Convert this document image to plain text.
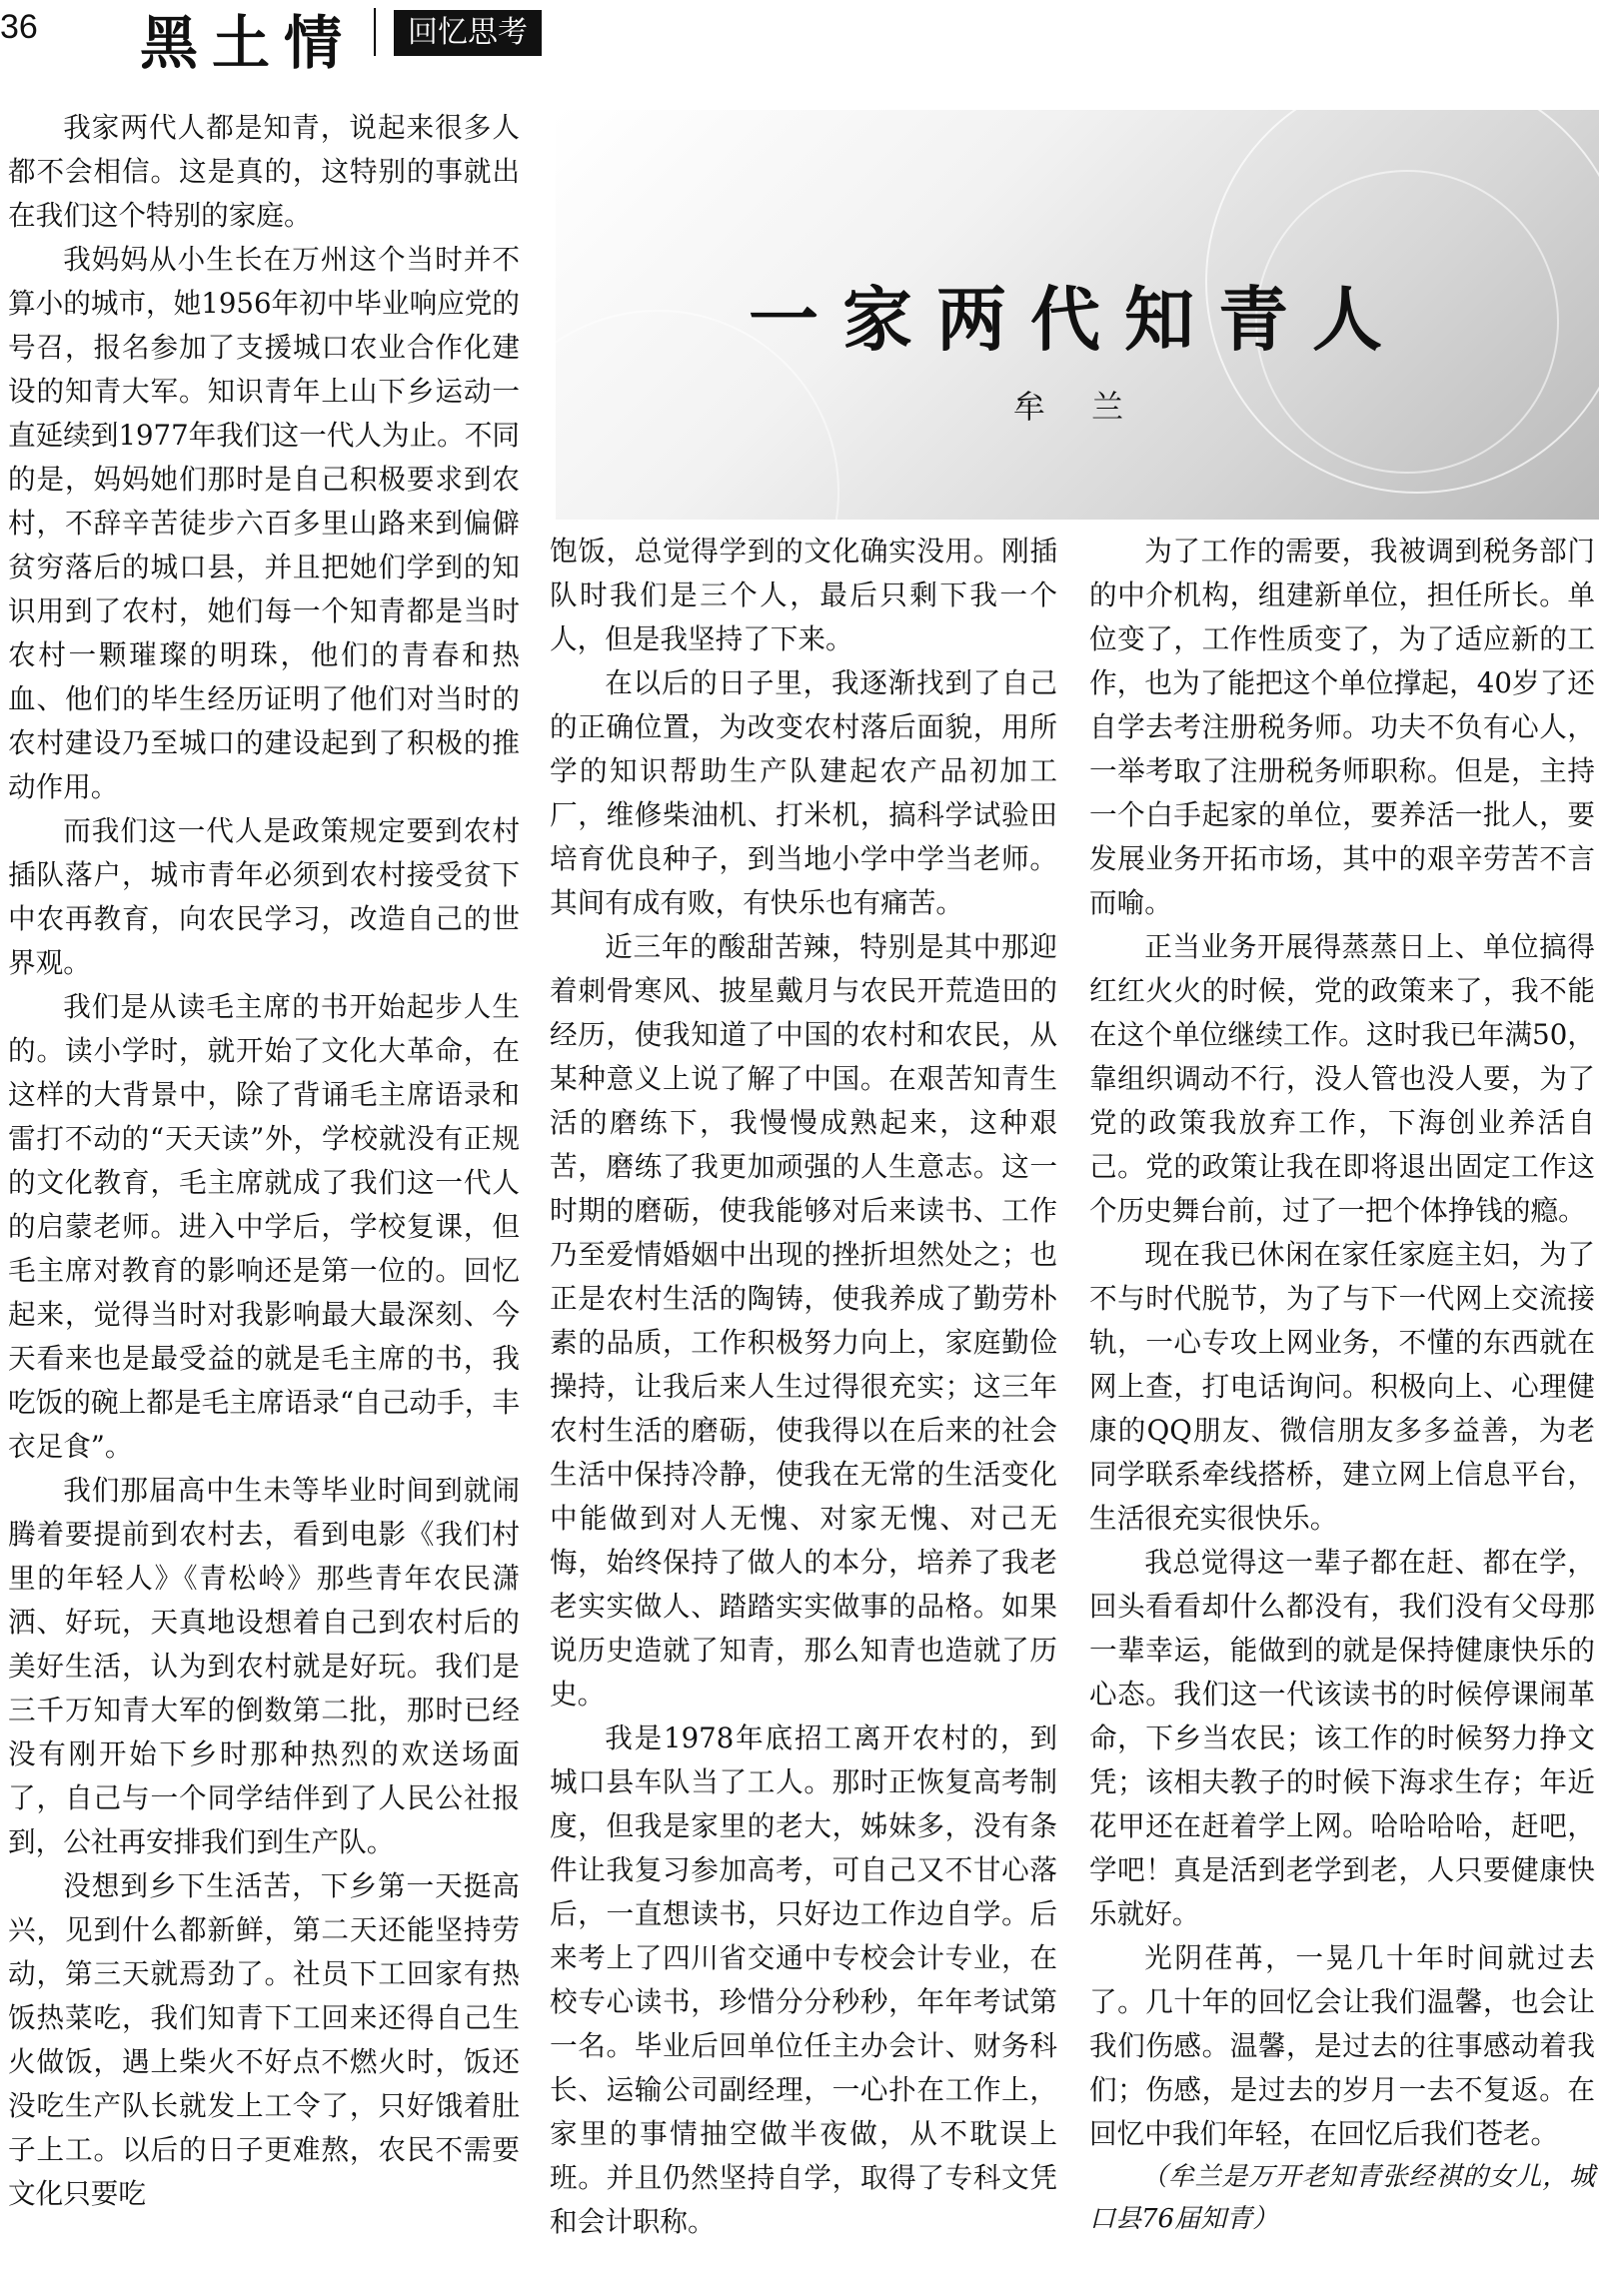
36 黑土情	回忆思考

我家两代人都是知青，说起来很多人都不会相信。这是真的，这特别的事就出在我们这个特别的家庭。

我妈妈从小生长在万州这个当时并不算小的城市，她1956年初中毕业响应党的号召，报名参加了支援城口农业合作化建设的知青大军。知识青年上山下乡运动一直延续到1977年我们这一代人为止。不同的是，妈妈她们那时是自己积极要求到农村，不辞辛苦徒步六百多里山路来到偏僻贫穷落后的城口县，并且把她们学到的知识用到了农村，她们每一个知青都是当时农村一颗璀璨的明珠，他们的青春和热血、他们的毕生经历证明了他们对当时的农村建设乃至城口的建设起到了积极的推动作用。

而我们这一代人是政策规定要到农村插队落户，城市青年必须到农村接受贫下中农再教育，向农民学习，改造自己的世界观。

我们是从读毛主席的书开始起步人生的。读小学时，就开始了文化大革命，在这样的大背景中，除了背诵毛主席语录和雷打不动的“天天读”外，学校就没有正规的文化教育，毛主席就成了我们这一代人的启蒙老师。进入中学后，学校复课，但毛主席对教育的影响还是第一位的。回忆起来，觉得当时对我影响最大最深刻、今天看来也是最受益的就是毛主席的书，我吃饭的碗上都是毛主席语录“自己动手，丰衣足食”。

我们那届高中生未等毕业时间到就闹腾着要提前到农村去，看到电影《我们村里的年轻人》《青松岭》那些青年农民潇洒、好玩，天真地设想着自己到农村后的美好生活，认为到农村就是好玩。我们是三千万知青大军的倒数第二批，那时已经没有刚开始下乡时那种热烈的欢送场面了，自己与一个同学结伴到了人民公社报到，公社再安排我们到生产队。

没想到乡下生活苦，下乡第一天挺高兴，见到什么都新鲜，第二天还能坚持劳动，第三天就焉劲了。社员下工回家有热饭热菜吃，我们知青下工回来还得自己生火做饭，遇上柴火不好点不燃火时，饭还没吃生产队长就发上工令了，只好饿着肚子上工。以后的日子更难熬，农民不需要文化只要吃

一家两代知青人
牟 兰

饱饭，总觉得学到的文化确实没用。刚插队时我们是三个人，最后只剩下我一个人，但是我坚持了下来。

在以后的日子里，我逐渐找到了自己的正确位置，为改变农村落后面貌，用所学的知识帮助生产队建起农产品初加工厂，维修柴油机、打米机，搞科学试验田培育优良种子，到当地小学中学当老师。其间有成有败，有快乐也有痛苦。

近三年的酸甜苦辣，特别是其中那迎着刺骨寒风、披星戴月与农民开荒造田的经历，使我知道了中国的农村和农民，从某种意义上说了解了中国。在艰苦知青生活的磨练下，我慢慢成熟起来，这种艰苦，磨练了我更加顽强的人生意志。这一时期的磨砺，使我能够对后来读书、工作乃至爱情婚姻中出现的挫折坦然处之；也正是农村生活的陶铸，使我养成了勤劳朴素的品质，工作积极努力向上，家庭勤俭操持，让我后来人生过得很充实；这三年农村生活的磨砺，使我得以在后来的社会生活中保持冷静，使我在无常的生活变化中能做到对人无愧、对家无愧、对己无悔，始终保持了做人的本分，培养了我老老实实做人、踏踏实实做事的品格。如果说历史造就了知青，那么知青也造就了历史。

我是1978年底招工离开农村的，到城口县车队当了工人。那时正恢复高考制度，但我是家里的老大，姊妹多，没有条件让我复习参加高考，可自己又不甘心落后，一直想读书，只好边工作边自学。后来考上了四川省交通中专校会计专业，在校专心读书，珍惜分分秒秒，年年考试第一名。毕业后回单位任主办会计、财务科长、运输公司副经理，一心扑在工作上，家里的事情抽空做半夜做，从不耽误上班。并且仍然坚持自学，取得了专科文凭和会计职称。

为了工作的需要，我被调到税务部门的中介机构，组建新单位，担任所长。单位变了，工作性质变了，为了适应新的工作，也为了能把这个单位撑起，40岁了还自学去考注册税务师。功夫不负有心人，一举考取了注册税务师职称。但是，主持一个白手起家的单位，要养活一批人，要发展业务开拓市场，其中的艰辛劳苦不言而喻。

正当业务开展得蒸蒸日上、单位搞得红红火火的时候，党的政策来了，我不能在这个单位继续工作。这时我已年满50，靠组织调动不行，没人管也没人要，为了党的政策我放弃工作，下海创业养活自己。党的政策让我在即将退出固定工作这个历史舞台前，过了一把个体挣钱的瘾。

现在我已休闲在家任家庭主妇，为了不与时代脱节，为了与下一代网上交流接轨，一心专攻上网业务，不懂的东西就在网上查，打电话询问。积极向上、心理健康的QQ朋友、微信朋友多多益善，为老同学联系牵线搭桥，建立网上信息平台，生活很充实很快乐。

我总觉得这一辈子都在赶、都在学，回头看看却什么都没有，我们没有父母那一辈幸运，能做到的就是保持健康快乐的心态。我们这一代该读书的时候停课闹革命，下乡当农民；该工作的时候努力挣文凭；该相夫教子的时候下海求生存；年近花甲还在赶着学上网。哈哈哈哈，赶吧，学吧！真是活到老学到老，人只要健康快乐就好。

光阴荏苒，一晃几十年时间就过去了。几十年的回忆会让我们温馨，也会让我们伤感。温馨，是过去的往事感动着我们；伤感，是过去的岁月一去不复返。在回忆中我们年轻，在回忆后我们苍老。

（牟兰是万开老知青张经祺的女儿，城口县76届知青）
